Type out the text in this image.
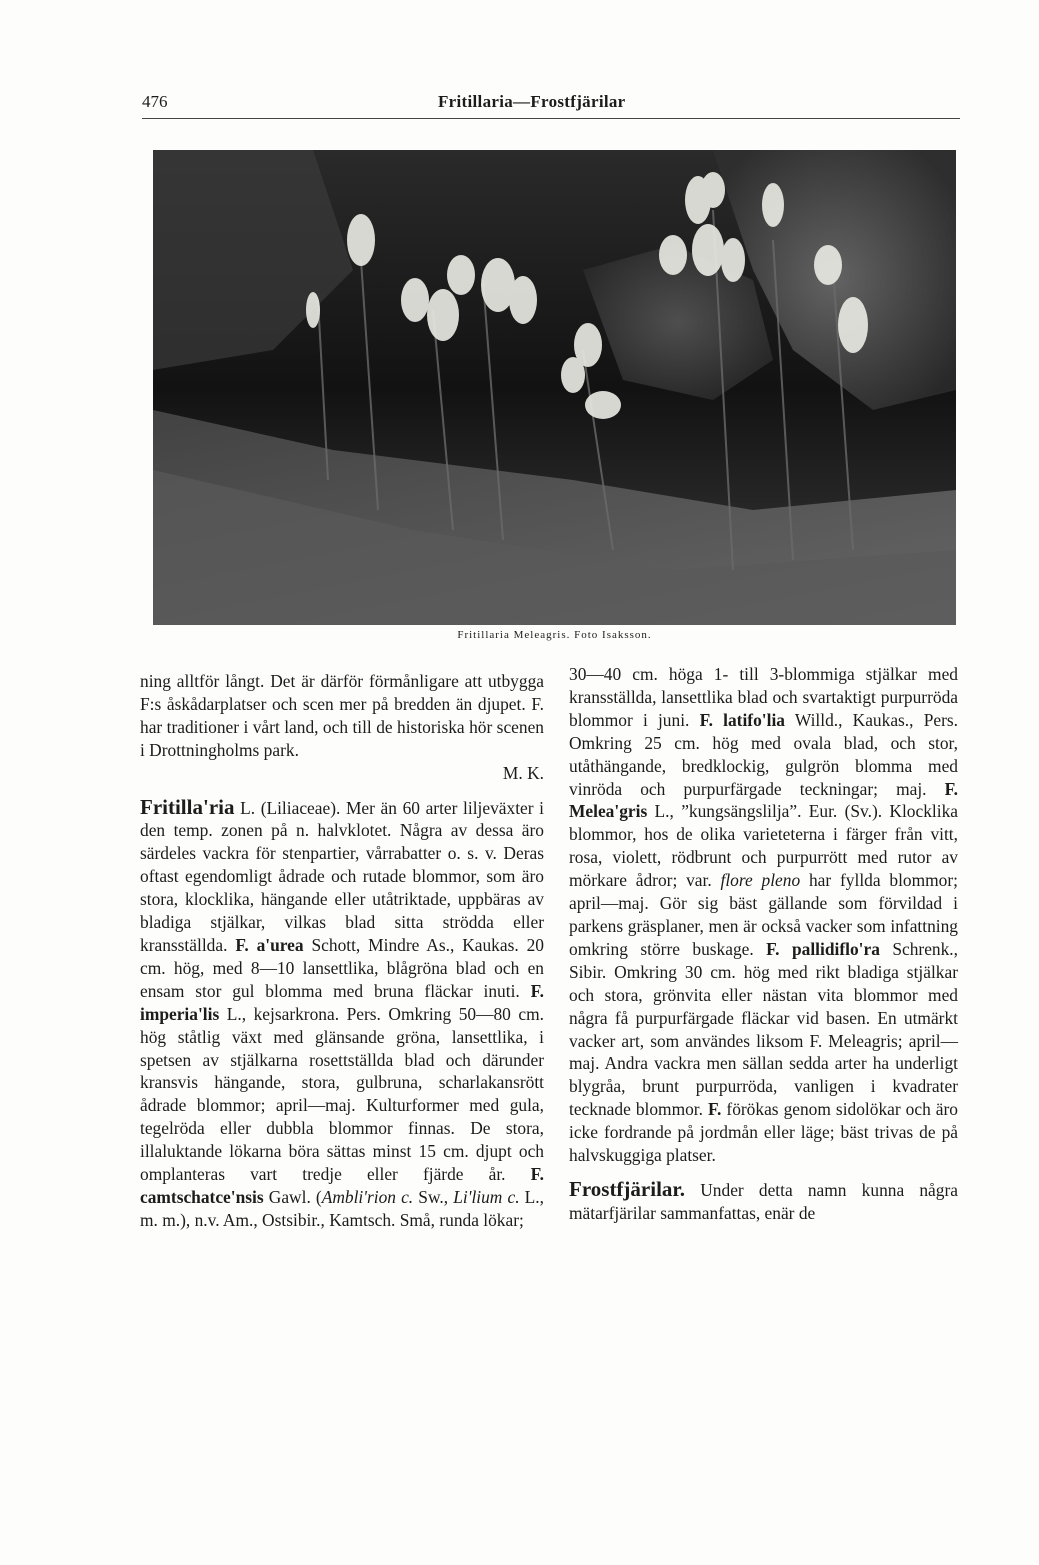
476	Fritillaria—Frostfjärilar
Fritillaria Meleagris. Foto Isaksson.

ning alltför långt. Det är därför förmånligare att utbygga F:s åskådarplatser och scen mer på bredden än djupet. F. har traditioner i vårt land, och till de historiska hör scenen i Drottningholms park.

M. K.

Fritilla'ria L. (Liliaceae). Mer än 60 arter liljeväxter i den temp. zonen på n. halvklotet. Några av dessa äro särdeles vackra för stenpartier, vårrabatter o. s. v. Deras oftast egendomligt ådrade och rutade blommor, som äro stora, klocklika, hängande eller utåtriktade, uppbäras av bladiga stjälkar, vilkas blad sitta strödda eller kransställda. F. a'urea Schott, Mindre As., Kaukas. 20 cm. hög, med 8—10 lansettlika, blågröna blad och en ensam stor gul blomma med bruna fläckar inuti. F. imperia'lis L., kejsarkrona. Pers. Omkring 50—80 cm. hög ståtlig växt med glänsande gröna, lansettlika, i spetsen av stjälkarna rosettställda blad och därunder kransvis hängande, stora, gulbruna, scharlakansrött ådrade blommor; april—maj. Kulturformer med gula, tegelröda eller dubbla blommor finnas. De stora, illaluktande lökarna böra sättas minst 15 cm. djupt och omplanteras vart tredje eller fjärde år. F. camtschatce'nsis Gawl. (Ambli'rion c. Sw., Li'lium c. L., m. m.), n.v. Am., Ostsibir., Kamtsch. Små, runda lökar;

30—40 cm. höga 1- till 3-blommiga stjälkar med kransställda, lansettlika blad och svartaktigt purpurröda blommor i juni. F. latifo'lia Willd., Kaukas., Pers. Omkring 25 cm. hög med ovala blad, och stor, utåthängande, bredklockig, gulgrön blomma med vinröda och purpurfärgade teckningar; maj. F. Melea'gris L., ”kungsängslilja”. Eur. (Sv.). Klocklika blommor, hos de olika varieteterna i färger från vitt, rosa, violett, rödbrunt och purpurrött med rutor av mörkare ådror; var. flore pleno har fyllda blommor; april—maj. Gör sig bäst gällande som förvildad i parkens gräsplaner, men är också vacker som infattning omkring större buskage. F. pallidiflo'ra Schrenk., Sibir. Omkring 30 cm. hög med rikt bladiga stjälkar och stora, grönvita eller nästan vita blommor med några få purpurfärgade fläckar vid basen. En utmärkt vacker art, som användes liksom F. Meleagris; april—maj. Andra vackra men sällan sedda arter ha underligt blygråa, brunt purpurröda, vanligen i kvadrater tecknade blommor. F. förökas genom sidolökar och äro icke fordrande på jordmån eller läge; bäst trivas de på halvskuggiga platser.

Frostfjärilar. Under detta namn kunna några mätarfjärilar sammanfattas, enär de
